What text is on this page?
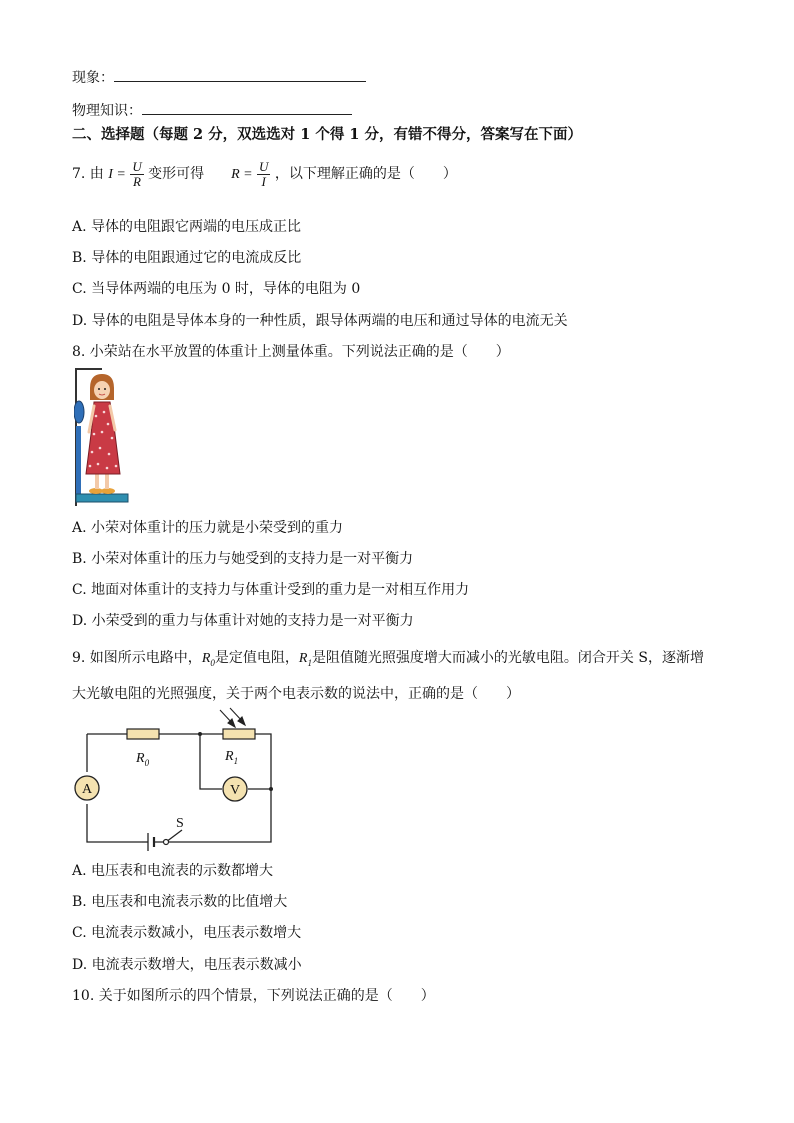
现象：
物理知识：
二、选择题（每题 2 分，双选选对 1 个得 1 分，有错不得分，答案写在下面）
7. 由 $I = \frac{U}{R}$ 变形可得 $R = \frac{U}{I}$ ，以下理解正确的是（　　）
A. 导体的电阻跟它两端的电压成正比
B. 导体的电阻跟通过它的电流成反比
C. 当导体两端的电压为 0 时，导体的电阻为 0
D. 导体的电阻是导体本身的一种性质，跟导体两端的电压和通过导体的电流无关
8. 小荣站在水平放置的体重计上测量体重。下列说法正确的是（　　）
A. 小荣对体重计的压力就是小荣受到的重力
B. 小荣对体重计的压力与她受到的支持力是一对平衡力
C. 地面对体重计的支持力与体重计受到的重力是一对相互作用力
D. 小荣受到的重力与体重计对她的支持力是一对平衡力
9. 如图所示电路中，$R_0$是定值电阻，$R_1$是阻值随光照强度增大而减小的光敏电阻。闭合开关 S，逐渐增
大光敏电阻的光照强度，关于两个电表示数的说法中，正确的是（　　）
A	V
$R_0$	$R_1$
S
A. 电压表和电流表的示数都增大
B. 电压表和电流表示数的比值增大
C. 电流表示数减小，电压表示数增大
D. 电流表示数增大，电压表示数减小
10. 关于如图所示的四个情景，下列说法正确的是（　　）
